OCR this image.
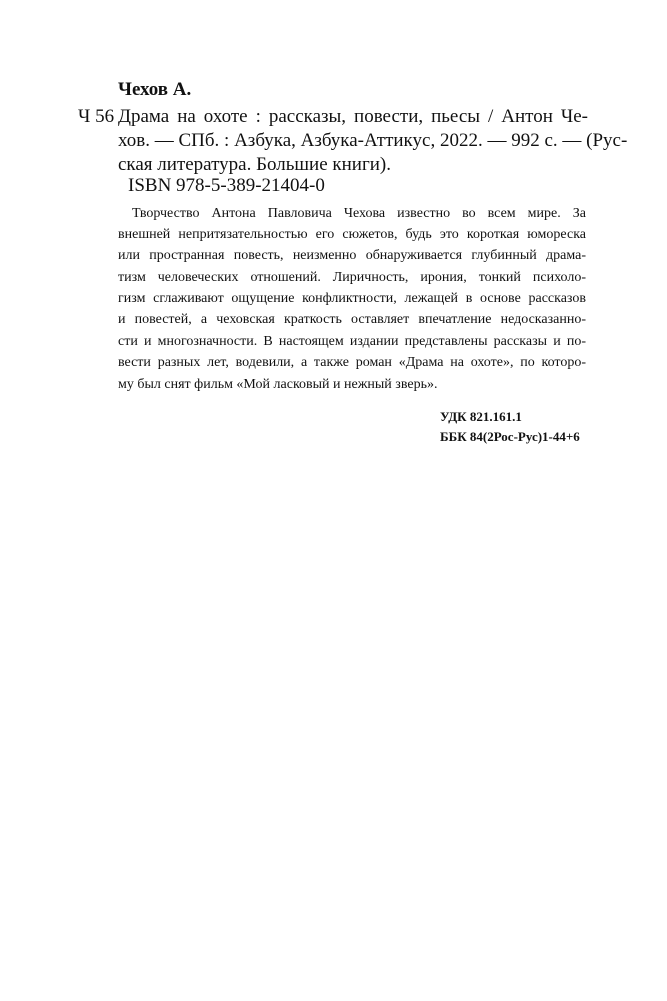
Чехов А.
Ч 56 Драма на охоте : рассказы, повести, пьесы / Антон Че-
хов. — СПб. : Азбука, Азбука-Аттикус, 2022. — 992 с. — (Рус-
ская литература. Большие книги).
ISBN 978-5-389-21404-0
Творчество Антона Павловича Чехова известно во всем мире. За
внешней непритязательностью его сюжетов, будь это короткая юмореска
или пространная повесть, неизменно обнаруживается глубинный драма-
тизм человеческих отношений. Лиричность, ирония, тонкий психоло-
гизм сглаживают ощущение конфликтности, лежащей в основе рассказов
и повестей, а чеховская краткость оставляет впечатление недосказанно-
сти и многозначности. В настоящем издании представлены рассказы и по-
вести разных лет, водевили, а также роман «Драма на охоте», по которо-
му был снят фильм «Мой ласковый и нежный зверь».
УДК 821.161.1
ББК 84(2Рос-Рус)1-44+6
